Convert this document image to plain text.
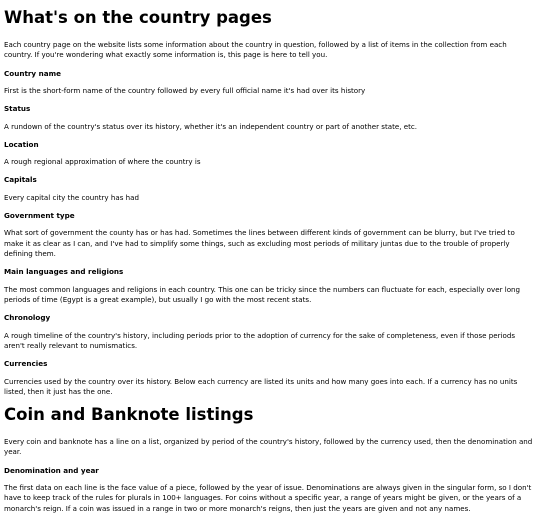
What's on the country pages

Each country page on the website lists some information about the country in question, followed by a list of items in the collection from each country. If you're wondering what exactly some information is, this page is here to tell you.

Country name

First is the short-form name of the country followed by every full official name it's had over its history

Status

A rundown of the country's status over its history, whether it's an independent country or part of another state, etc.

Location

A rough regional approximation of where the country is

Capitals

Every capital city the country has had

Government type

What sort of government the county has or has had. Sometimes the lines between different kinds of government can be blurry, but I've tried to make it as clear as I can, and I've had to simplify some things, such as excluding most periods of military juntas due to the trouble of properly defining them.

Main languages and religions

The most common languages and religions in each country. This one can be tricky since the numbers can fluctuate for each, especially over long periods of time (Egypt is a great example), but usually I go with the most recent stats.

Chronology

A rough timeline of the country's history, including periods prior to the adoption of currency for the sake of completeness, even if those periods aren't really relevant to numismatics.

Currencies

Currencies used by the country over its history. Below each currency are listed its units and how many goes into each. If a currency has no units listed, then it just has the one.

Coin and Banknote listings

Every coin and banknote has a line on a list, organized by period of the country's history, followed by the currency used, then the denomination and year.

Denomination and year

The first data on each line is the face value of a piece, followed by the year of issue. Denominations are always given in the singular form, so I don't have to keep track of the rules for plurals in 100+ languages. For coins without a specific year, a range of years might be given, or the years of a monarch's reign. If a coin was issued in a range in two or more monarch's reigns, then just the years are given and not any names.
